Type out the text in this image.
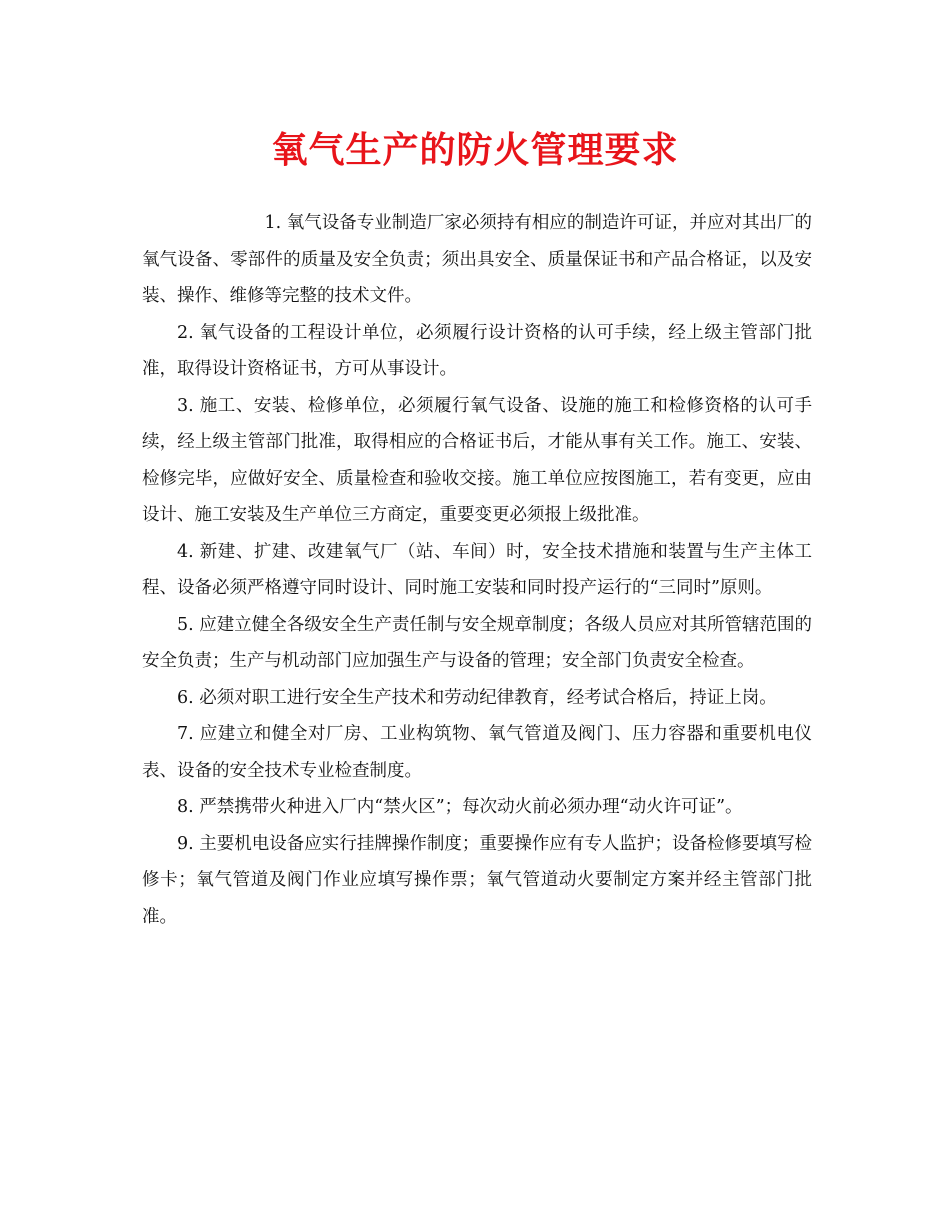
氧气生产的防火管理要求

1. 氧气设备专业制造厂家必须持有相应的制造许可证，并应对其出厂的氧气设备、零部件的质量及安全负责；须出具安全、质量保证书和产品合格证，以及安装、操作、维修等完整的技术文件。

2. 氧气设备的工程设计单位，必须履行设计资格的认可手续，经上级主管部门批准，取得设计资格证书，方可从事设计。

3. 施工、安装、检修单位，必须履行氧气设备、设施的施工和检修资格的认可手续，经上级主管部门批准，取得相应的合格证书后，才能从事有关工作。施工、安装、检修完毕，应做好安全、质量检查和验收交接。施工单位应按图施工，若有变更，应由设计、施工安装及生产单位三方商定，重要变更必须报上级批准。

4. 新建、扩建、改建氧气厂（站、车间）时，安全技术措施和装置与生产主体工程、设备必须严格遵守同时设计、同时施工安装和同时投产运行的“三同时”原则。

5. 应建立健全各级安全生产责任制与安全规章制度；各级人员应对其所管辖范围的安全负责；生产与机动部门应加强生产与设备的管理；安全部门负责安全检查。

6. 必须对职工进行安全生产技术和劳动纪律教育，经考试合格后，持证上岗。

7. 应建立和健全对厂房、工业构筑物、氧气管道及阀门、压力容器和重要机电仪表、设备的安全技术专业检查制度。

8. 严禁携带火种进入厂内“禁火区”；每次动火前必须办理“动火许可证”。

9. 主要机电设备应实行挂牌操作制度；重要操作应有专人监护；设备检修要填写检修卡；氧气管道及阀门作业应填写操作票；氧气管道动火要制定方案并经主管部门批准。
